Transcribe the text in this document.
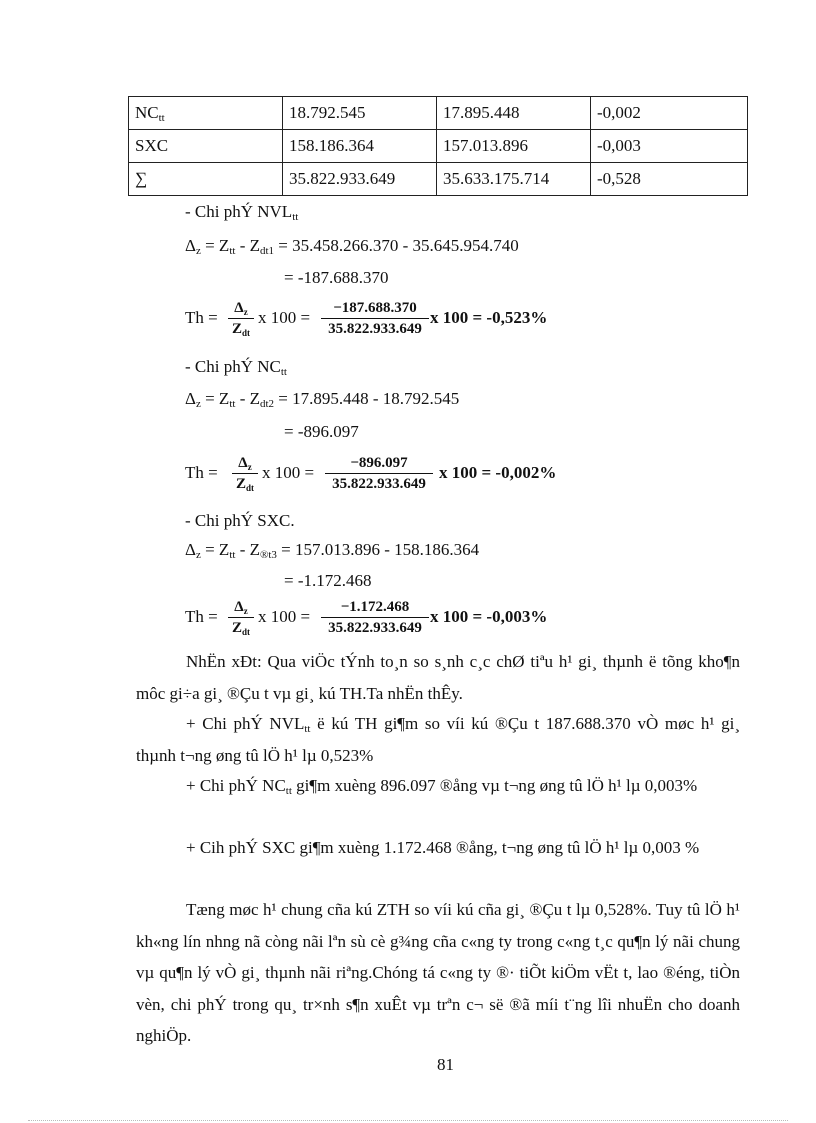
$NC_{tt}$	18.792.545	17.895.448	-0,002
SXC	158.186.364	157.013.896	-0,003
∑	35.822.933.649	35.633.175.714	-0,528
- Chi phÝ $NVL_{tt}$
$\Delta_z = Z_{tt} - Z_{dt1} = 35.458.266.370 - 35.645.954.740$
= -187.688.370
Th =	$\Delta_z$
$Z_{dt}$
x $100 = \frac{-187.688.370}{35.822.933.649}$ x 100 = -0,523%
- Chi phÝ $NC_{tt}$
$\Delta_z = Z_{tt} - Z_{dt2} = 17.895.448 - 18.792.545$
= -896.097
Th =	$\Delta_z$
$Z_{dt}$
x $100 = \frac{-896.097}{35.822.933.649}$ x 100 = -0,002%
- Chi phÝ SXC.
$\Delta_z = Z_{tt} - Z_{®t3} = 157.013.896 - 158.186.364$
= -1.172.468
Th =	$\Delta_z$
$Z_{dt}$
x $100 = \frac{-1.172.468}{35.822.933.649}$ x 100 = -0,003%
NhËn xÐt: Qua viÖc tÝnh to¸n so s¸nh c¸c chØ tiªu h¹ gi¸ thµnh ë tõng kho¶n môc gi÷a gi¸ ®Çu t vµ gi¸ kú TH.Ta nhËn thÊy.
+ Chi phÝ $NVL_{tt}$ ë kú TH gi¶m so víi kú ®Çu t 187.688.370 vÒ møc h¹ gi¸ thµnh t¬ng øng tû lÖ h¹ lµ 0,523%
+ Chi phÝ $NC_{tt}$ gi¶m xuèng 896.097 ®ång vµ t¬ng øng tû lÖ h¹ lµ 0,003%
+ Cih phÝ SXC gi¶m xuèng 1.172.468 ®ång, t¬ng øng tû lÖ h¹ lµ 0,003 %
Tæng møc h¹ chung cña kú ZTH so víi kú cña gi¸ ®Çu t lµ 0,528%. Tuy tû lÖ h¹ kh«ng lín nhng nã còng nãi lªn sù cè g¾ng cña c«ng ty trong c«ng t¸c qu¶n lý nãi chung vµ qu¶n lý vÒ gi¸ thµnh nãi riªng.Chóng tá c«ng ty ®· tiÕt kiÖm vËt t, lao ®éng, tiÒn vèn, chi phÝ trong qu¸ tr×nh s¶n xuÊt vµ trªn c¬ së ®ã míi t¨ng lîi nhuËn cho doanh nghiÖp.
81
